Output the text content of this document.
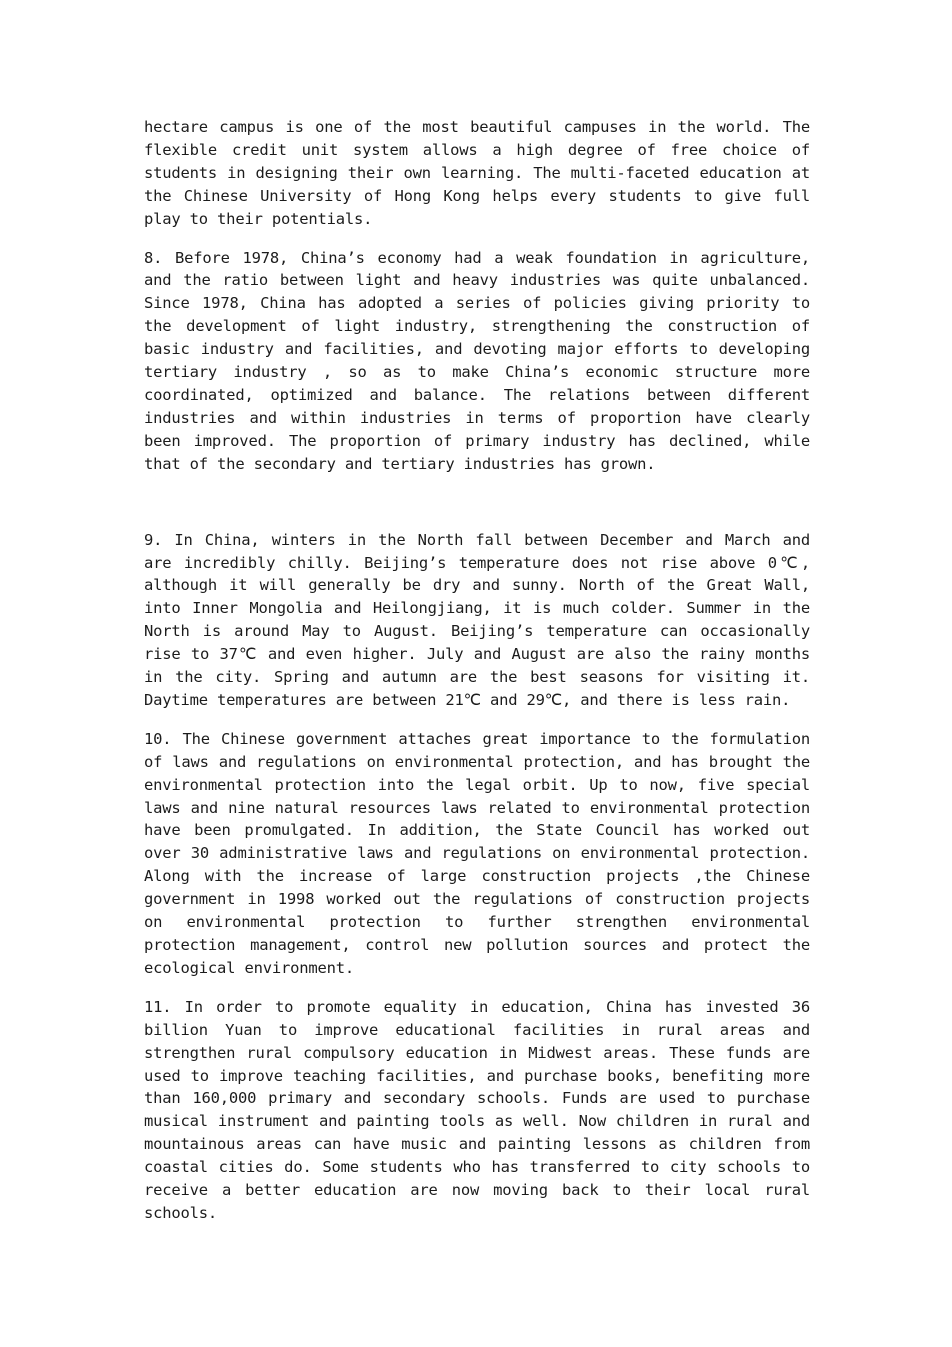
hectare campus is one of the most beautiful campuses in the world. The flexible credit unit system allows a high degree of free choice of students in designing their own learning. The multi-faceted education at the Chinese University of Hong Kong helps every students to give full play to their potentials.

8. Before 1978, China’s economy had a weak foundation in agriculture, and the ratio between light and heavy industries was quite unbalanced. Since 1978, China has adopted a series of policies giving priority to the development of light industry, strengthening the construction of basic industry and facilities, and devoting major efforts to developing tertiary industry , so as to make China’s economic structure more coordinated, optimized and balance. The relations between different industries and within industries in terms of proportion have clearly been improved. The proportion of primary industry has declined, while that of the secondary and tertiary industries has grown.

9. In China, winters in the North fall between December and March and are incredibly chilly. Beijing’s temperature does not rise above 0℃, although it will generally be dry and sunny. North of the Great Wall, into Inner Mongolia and Heilongjiang, it is much colder. Summer in the North is around May to August. Beijing’s temperature can occasionally rise to 37℃ and even higher. July and August are also the rainy months in the city. Spring and autumn are the best seasons for visiting it. Daytime temperatures are between 21℃ and 29℃, and there is less rain.

10. The Chinese government attaches great importance to the formulation of laws and regulations on environmental protection, and has brought the environmental protection into the legal orbit. Up to now, five special laws and nine natural resources laws related to environmental protection have been promulgated. In addition, the State Council has worked out over 30 administrative laws and regulations on environmental protection. Along with the increase of large construction projects ,the Chinese government in 1998 worked out the regulations of construction projects on environmental protection to further strengthen environmental protection management, control new pollution sources and protect the ecological environment.

11. In order to promote equality in education, China has invested 36 billion Yuan to improve educational facilities in rural areas and strengthen rural compulsory education in Midwest areas. These funds are used to improve teaching facilities, and purchase books, benefiting more than 160,000 primary and secondary schools. Funds are used to purchase musical instrument and painting tools as well. Now children in rural and mountainous areas can have music and painting lessons as children from coastal cities do. Some students who has transferred to city schools to receive a better education are now moving back to their local rural schools.
